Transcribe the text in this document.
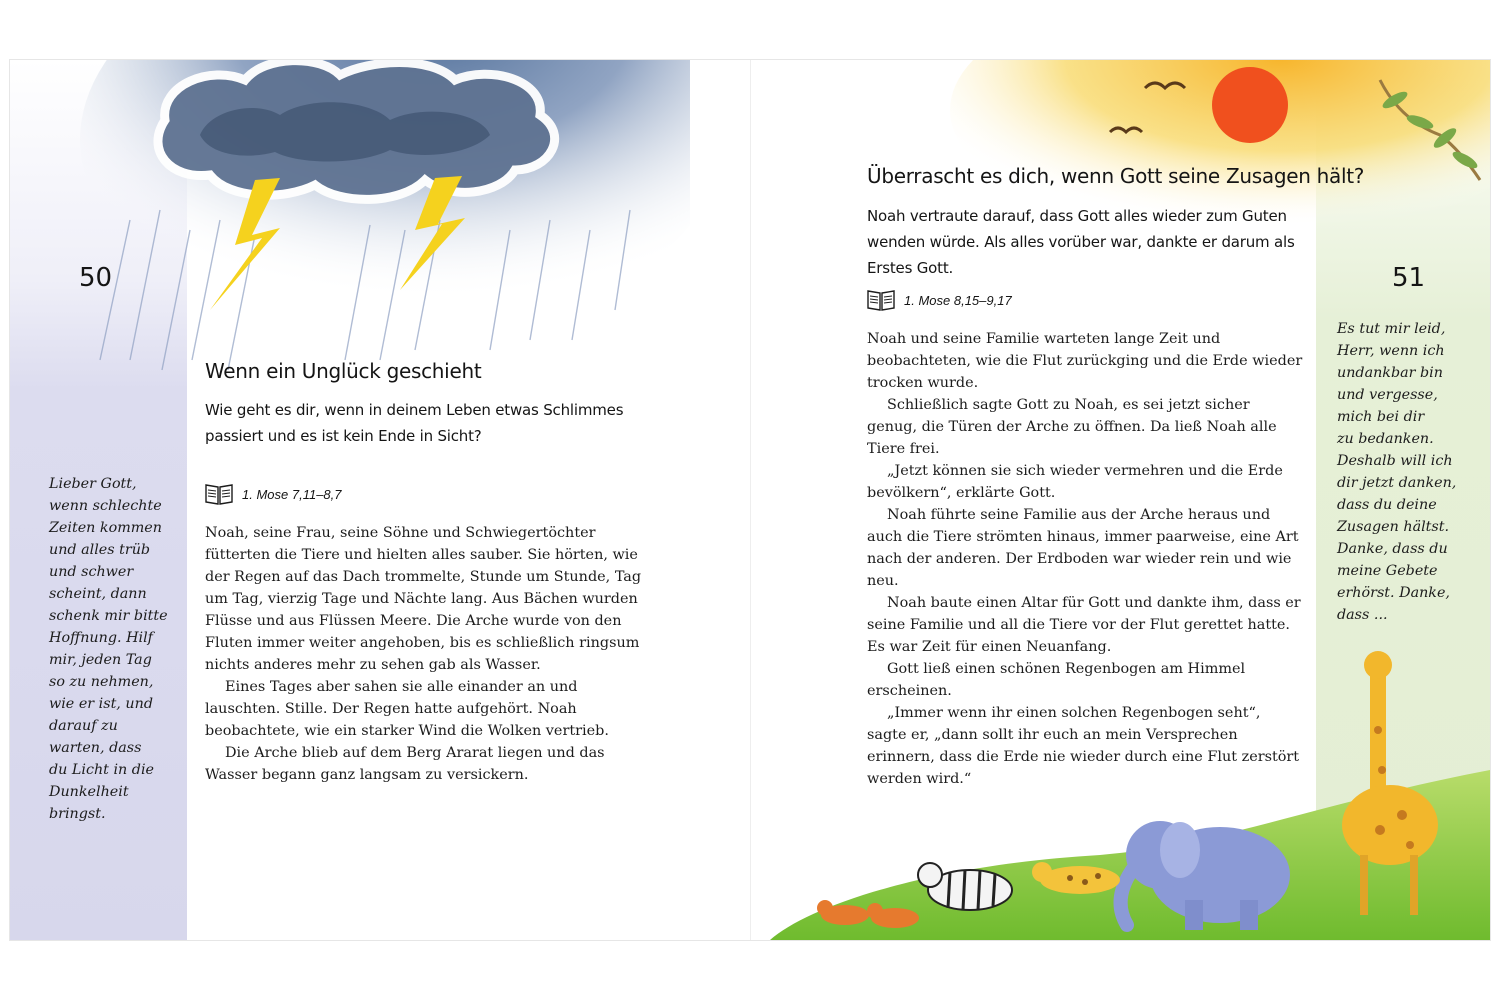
50
Wenn ein Unglück geschieht
Wie geht es dir, wenn in deinem Leben etwas Schlimmes passiert und es ist kein Ende in Sicht?
1. Mose 7,11–8,7

Noah, seine Frau, seine Söhne und Schwiegertöchter fütterten die Tiere und hielten alles sauber. Sie hörten, wie der Regen auf das Dach trommelte, Stunde um Stunde, Tag um Tag, vierzig Tage und Nächte lang. Aus Bächen wurden Flüsse und aus Flüssen Meere. Die Arche wurde von den Fluten immer weiter angehoben, bis es schließlich ringsum nichts anderes mehr zu sehen gab als Wasser.

Eines Tages aber sahen sie alle einander an und lauschten. Stille. Der Regen hatte aufgehört. Noah beobachtete, wie ein starker Wind die Wolken vertrieb.

Die Arche blieb auf dem Berg Ararat liegen und das Wasser begann ganz langsam zu versickern.

Lieber Gott,
wenn schlechte
Zeiten kommen
und alles trüb
und schwer
scheint, dann
schenk mir bitte
Hoffnung. Hilf
mir, jeden Tag
so zu nehmen,
wie er ist, und
darauf zu
warten, dass
du Licht in die
Dunkelheit
bringst.
51
Überrascht es dich, wenn Gott seine Zusagen hält?
Noah vertraute darauf, dass Gott alles wieder zum Guten wenden würde. Als alles vorüber war, dankte er darum als Erstes Gott.
1. Mose 8,15–9,17

Noah und seine Familie warteten lange Zeit und beobachteten, wie die Flut zurückging und die Erde wieder trocken wurde.

Schließlich sagte Gott zu Noah, es sei jetzt sicher genug, die Türen der Arche zu öffnen. Da ließ Noah alle Tiere frei.

„Jetzt können sie sich wieder vermehren und die Erde bevölkern“, erklärte Gott.

Noah führte seine Familie aus der Arche heraus und auch die Tiere strömten hinaus, immer paarweise, eine Art nach der anderen. Der Erdboden war wieder rein und wie neu.

Noah baute einen Altar für Gott und dankte ihm, dass er seine Familie und all die Tiere vor der Flut gerettet hatte. Es war Zeit für einen Neuanfang.

Gott ließ einen schönen Regenbogen am Himmel erscheinen.

„Immer wenn ihr einen solchen Regenbogen seht“, sagte er, „dann sollt ihr euch an mein Versprechen erinnern, dass die Erde nie wieder durch eine Flut zerstört werden wird.“

Es tut mir leid,
Herr, wenn ich
undankbar bin
und vergesse,
mich bei dir
zu bedanken.
Deshalb will ich
dir jetzt danken,
dass du deine
Zusagen hältst.
Danke, dass du
meine Gebete
erhörst. Danke,
dass ...
